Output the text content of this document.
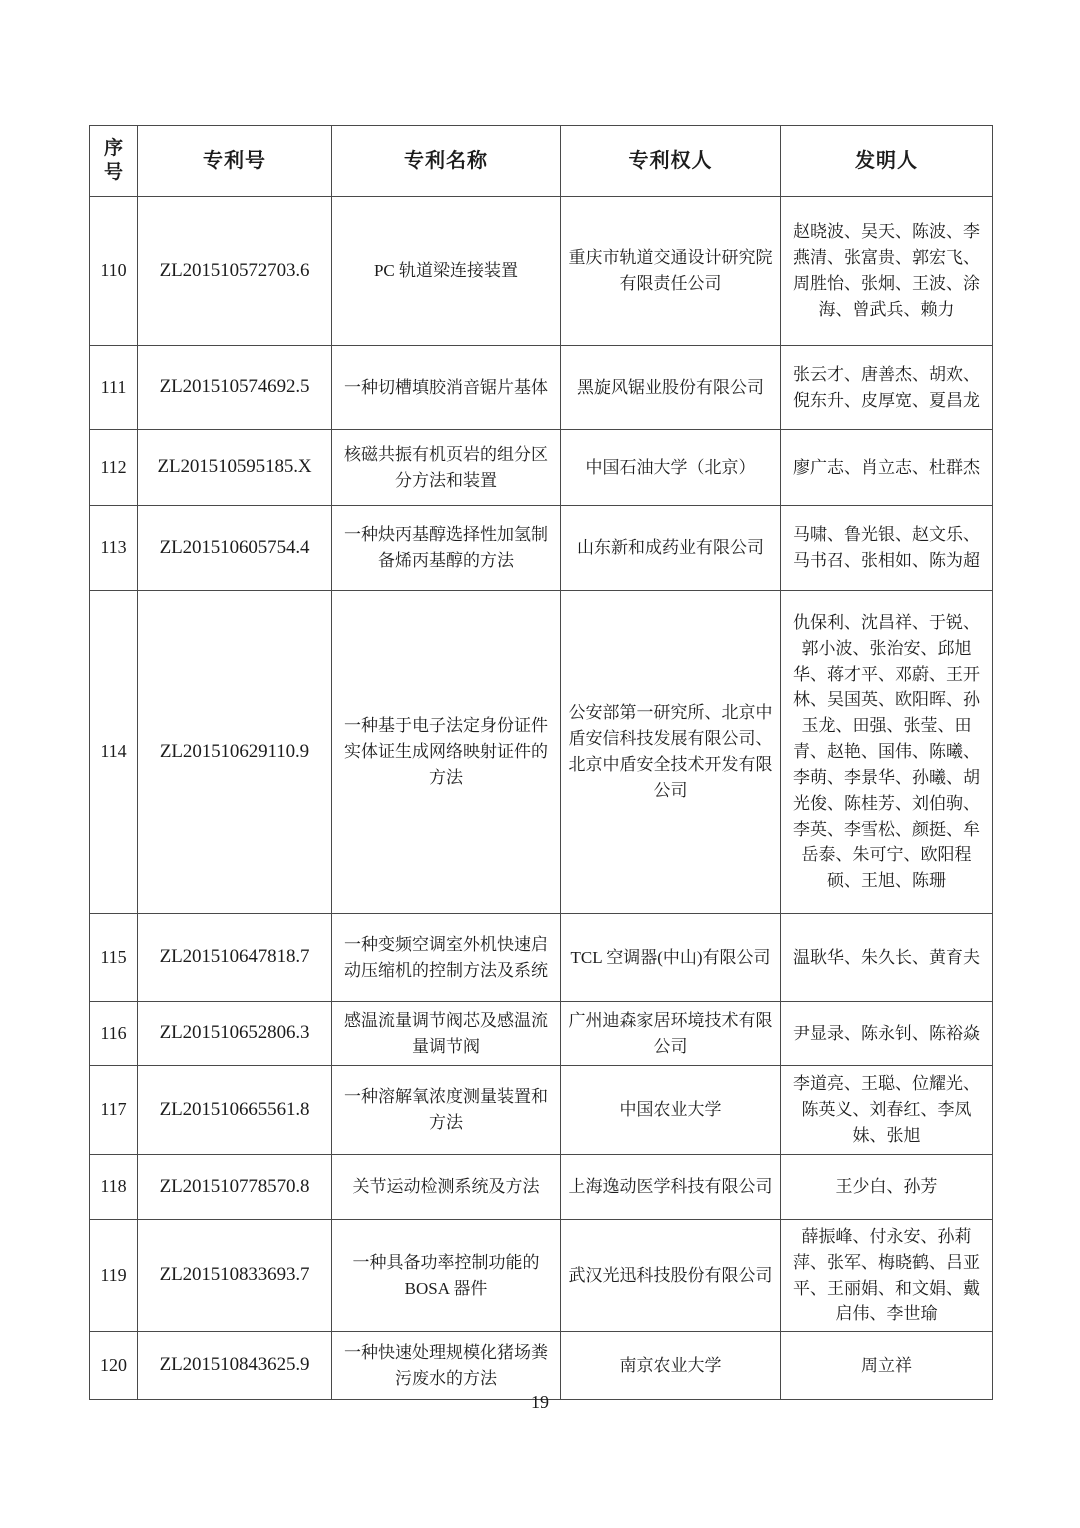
序
号	专利号	专利名称	专利权人	发明人
110	ZL201510572703.6	PC 轨道梁连接装置	重庆市轨道交通设计研究院有限责任公司	赵晓波、吴天、陈波、李燕清、张富贵、郭宏飞、周胜怡、张炯、王波、涂海、曾武兵、赖力
111	ZL201510574692.5	一种切槽填胶消音锯片基体	黑旋风锯业股份有限公司	张云才、唐善杰、胡欢、倪东升、皮厚宽、夏昌龙
112	ZL201510595185.X	核磁共振有机页岩的组分区分方法和装置	中国石油大学（北京）	廖广志、肖立志、杜群杰
113	ZL201510605754.4	一种炔丙基醇选择性加氢制备烯丙基醇的方法	山东新和成药业有限公司	马啸、鲁光银、赵文乐、马书召、张相如、陈为超
114	ZL201510629110.9	一种基于电子法定身份证件实体证生成网络映射证件的方法	公安部第一研究所、北京中盾安信科技发展有限公司、北京中盾安全技术开发有限公司	仇保利、沈昌祥、于锐、郭小波、张治安、邱旭华、蒋才平、邓蔚、王开林、吴国英、欧阳晖、孙玉龙、田强、张莹、田青、赵艳、国伟、陈曦、李萌、李景华、孙曦、胡光俊、陈桂芳、刘伯驹、李英、李雪松、颜挺、牟岳泰、朱可宁、欧阳程硕、王旭、陈珊
115	ZL201510647818.7	一种变频空调室外机快速启动压缩机的控制方法及系统	TCL 空调器(中山)有限公司	温耿华、朱久长、黄育夫
116	ZL201510652806.3	感温流量调节阀芯及感温流量调节阀	广州迪森家居环境技术有限公司	尹显录、陈永钊、陈裕焱
117	ZL201510665561.8	一种溶解氧浓度测量装置和方法	中国农业大学	李道亮、王聪、位耀光、陈英义、刘春红、李凤妹、张旭
118	ZL201510778570.8	关节运动检测系统及方法	上海逸动医学科技有限公司	王少白、孙芳
119	ZL201510833693.7	一种具备功率控制功能的 BOSA 器件	武汉光迅科技股份有限公司	薛振峰、付永安、孙莉萍、张军、梅晓鹤、吕亚平、王丽娟、和文娟、戴启伟、李世瑜
120	ZL201510843625.9	一种快速处理规模化猪场粪污废水的方法	南京农业大学	周立祥
19
